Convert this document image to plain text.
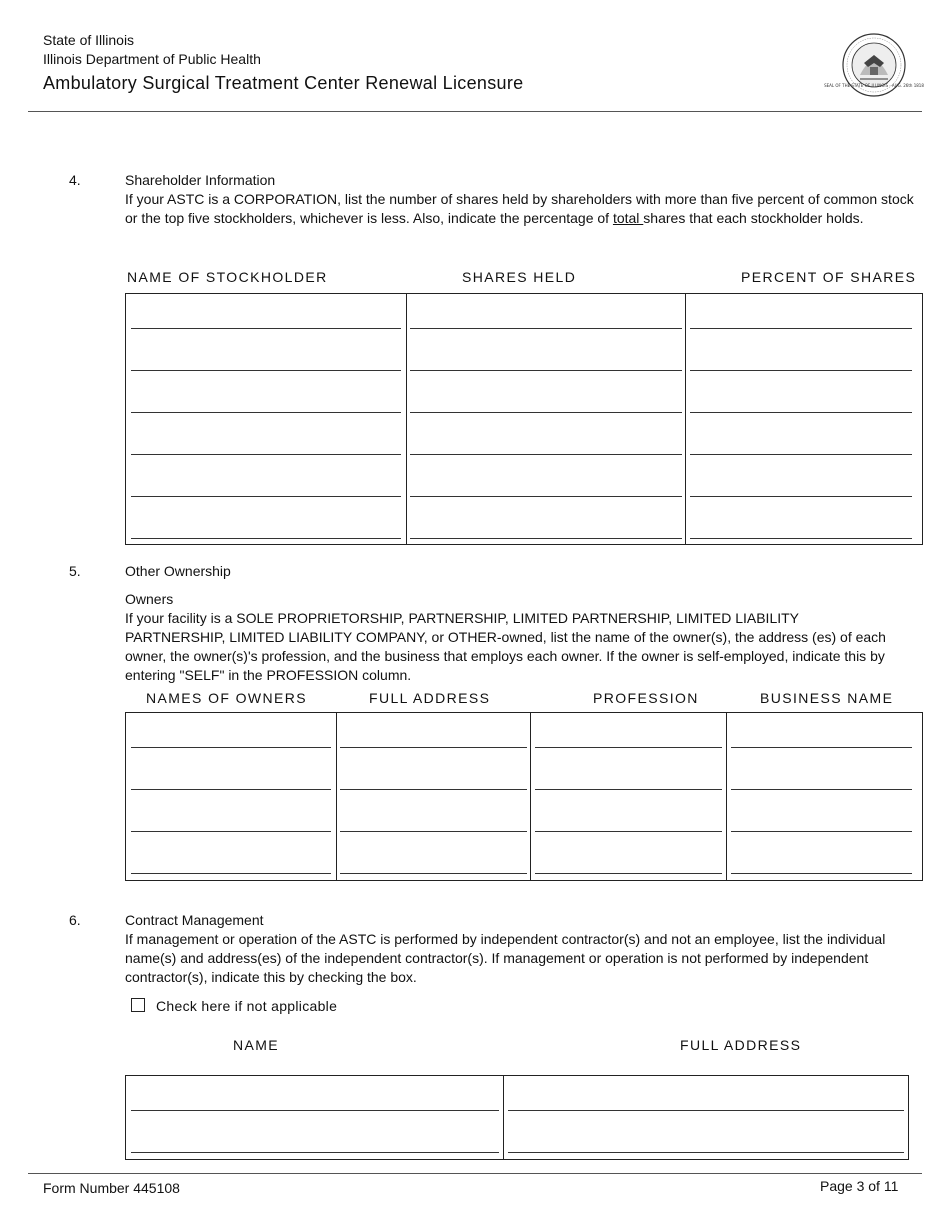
State of Illinois
Illinois Department of Public Health
Ambulatory Surgical Treatment Center Renewal Licensure	SEAL OF THE STATE OF ILLINOIS · AUG. 26th 1818
4.	Shareholder Information
If your ASTC is a CORPORATION, list the number of shares held by shareholders with more than five percent of common stock or the top five stockholders, whichever is less. Also, indicate the percentage of total shares that each stockholder holds.
NAME OF STOCKHOLDER	SHARES HELD	PERCENT OF SHARES
5.	Other Ownership
Owners
If your facility is a SOLE PROPRIETORSHIP, PARTNERSHIP, LIMITED PARTNERSHIP, LIMITED LIABILITY PARTNERSHIP, LIMITED LIABILITY COMPANY, or OTHER-owned, list the name of the owner(s), the address (es) of each owner, the owner(s)'s profession, and the business that employs each owner. If the owner is self-employed, indicate this by entering "SELF" in the PROFESSION column.
NAMES OF OWNERS	FULL ADDRESS	PROFESSION	BUSINESS NAME
6.	Contract Management
If management or operation of the ASTC is performed by independent contractor(s) and not an employee, list the individual name(s) and address(es) of the independent contractor(s). If management or operation is not performed by independent contractor(s), indicate this by checking the box.
Check here if not applicable
NAME	FULL ADDRESS
Form Number 445108	Page 3 of 11
